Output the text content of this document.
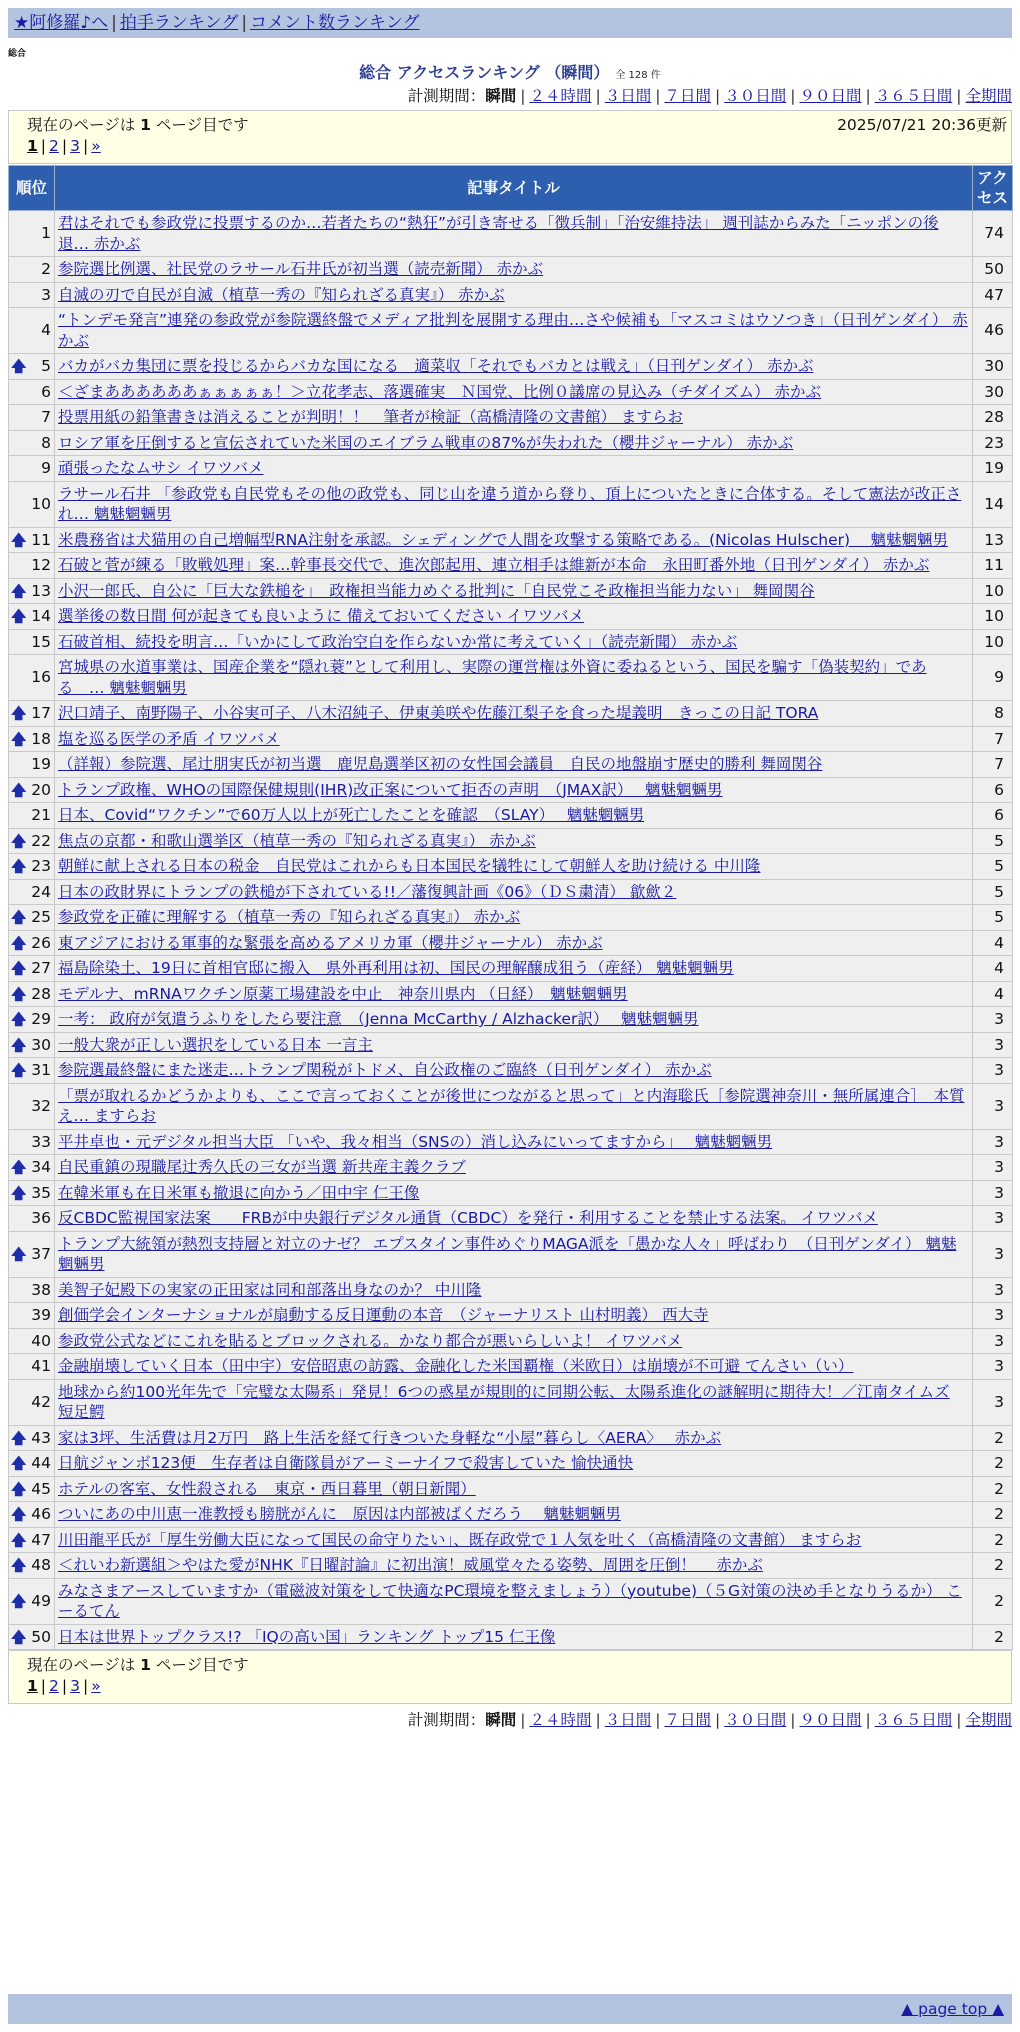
★阿修羅♪へ | 拍手ランキング | コメント数ランキング
総合
総合 アクセスランキング （瞬間） 全 128 件
計測期間：瞬間 | ２４時間 | ３日間 | ７日間 | ３０日間 | ９０日間 | ３６５日間 | 全期間
現在のページは 1 ページ目です	2025/07/21 20:36更新
1 | 2 | 3 | »
順位	記事タイトル	アクセス
1	君はそれでも参政党に投票するのか…若者たちの“熱狂”が引き寄せる「徴兵制」「治安維持法」 週刊誌からみた「ニッポンの後退… 赤かぶ	74
2	参院選比例選、社民党のラサール石井氏が初当選（読売新聞） 赤かぶ	50
3	自滅の刃で自民が自滅（植草一秀の『知られざる真実』） 赤かぶ	47
4	“トンデモ発言”連発の参政党が参院選終盤でメディア批判を展開する理由…さや候補も「マスコミはウソつき」（日刊ゲンダイ） 赤かぶ	46

🡅 5	バカがバカ集団に票を投じるからバカな国になる　適菜収「それでもバカとは戦え」（日刊ゲンダイ） 赤かぶ	30
6	＜ざまああああああぁぁぁぁぁ！＞立花孝志、落選確実　Ｎ国党、比例０議席の見込み（チダイズム） 赤かぶ	30
7	投票用紙の鉛筆書きは消えることが判明！！　筆者が検証（高橋清隆の文書館） ますらお	28
8	ロシア軍を圧倒すると宣伝されていた米国のエイブラム戦車の87%が失われた（櫻井ジャーナル） 赤かぶ	23
9	頑張ったなムサシ イワツバメ	19
10	ラサール石井 「参政党も自民党もその他の政党も、同じ山を違う道から登り、頂上についたときに合体する。そして憲法が改正され… 魑魅魍魎男	14

🡅 11	米農務省は犬猫用の自己増幅型RNA注射を承認。シェディングで人間を攻撃する策略である。(Nicolas Hulscher)　 魑魅魍魎男	13
12	石破と菅が練る「敗戦処理」案…幹事長交代で、進次郎起用、連立相手は維新が本命　永田町番外地（日刊ゲンダイ） 赤かぶ	11

🡅 13	小沢一郎氏、自公に「巨大な鉄槌を」　政権担当能力めぐる批判に「自民党こそ政権担当能力ない」 舞岡関谷	10

🡅 14	選挙後の数日間 何が起きても良いように 備えておいてください イワツバメ	10
15	石破首相、続投を明言…「いかにして政治空白を作らないか常に考えていく」（読売新聞） 赤かぶ	10
16	宮城県の水道事業は、国産企業を“隠れ蓑”として利用し、実際の運営権は外資に委ねるという、国民を騙す「偽装契約」である　… 魑魅魍魎男	9

🡅 17	沢口靖子、南野陽子、小谷実可子、八木沼純子、伊東美咲や佐藤江梨子を食った堤義明　きっこの日記 TORA	8

🡅 18	塩を巡る医学の矛盾 イワツバメ	7
19	（詳報）参院選、尾辻朋実氏が初当選　鹿児島選挙区初の女性国会議員　自民の地盤崩す歴史的勝利 舞岡関谷	7

🡅 20	トランプ政権、WHOの国際保健規則(IHR)改正案について拒否の声明　（JMAX訳）　 魑魅魍魎男	6
21	日本、Covid“ワクチン”で60万人以上が死亡したことを確認　（SLAY）　 魑魅魍魎男	6

🡅 22	焦点の京都・和歌山選挙区（植草一秀の『知られざる真実』） 赤かぶ	5

🡅 23	朝鮮に献上される日本の税金　自民党はこれからも日本国民を犠牲にして朝鮮人を助け続ける 中川隆	5
24	日本の政財界にトランプの鉄槌が下されている!!／藩復興計画《06》（ＤＳ粛清） 歙歛２	5

🡅 25	参政党を正確に理解する（植草一秀の『知られざる真実』） 赤かぶ	5

🡅 26	東アジアにおける軍事的な緊張を高めるアメリカ軍（櫻井ジャーナル） 赤かぶ	4

🡅 27	福島除染土、19日に首相官邸に搬入　県外再利用は初、国民の理解醸成狙う（産経） 魑魅魍魎男	4

🡅 28	モデルナ、mRNAワクチン原薬工場建設を中止　神奈川県内 （日経）　魑魅魍魎男	4

🡅 29	一考： 政府が気遣うふりをしたら要注意　（Jenna McCarthy / Alzhacker訳）　 魑魅魍魎男	3

🡅 30	一般大衆が正しい選択をしている日本 一言主	3

🡅 31	参院選最終盤にまた迷走…トランプ関税がトドメ、自公政権のご臨終（日刊ゲンダイ） 赤かぶ	3
32	「票が取れるかどうかよりも、ここで言っておくことが後世につながると思って」と内海聡氏［参院選神奈川・無所属連合］　本質え… ますらお	3
33	平井卓也・元デジタル担当大臣 「いや、我々相当（SNSの）消し込みにいってますから」　 魑魅魍魎男	3

🡅 34	自民重鎮の現職尾辻秀久氏の三女が当選 新共産主義クラブ	3

🡅 35	在韓米軍も在日米軍も撤退に向かう／田中宇 仁王像	3
36	反CBDC監視国家法案　　FRBが中央銀行デジタル通貨（CBDC）を発行・利用することを禁止する法案。 イワツバメ	3

🡅 37	トランプ大統領が熱烈支持層と対立のナゼ？ エプスタイン事件めぐりMAGA派を「愚かな人々」呼ばわり　（日刊ゲンダイ） 魑魅魍魎男	3
38	美智子妃殿下の実家の正田家は同和部落出身なのか？ 中川隆	3
39	創価学会インターナショナルが扇動する反日運動の本音　（ジャーナリスト 山村明義） 西大寺	3
40	参政党公式などにこれを貼るとブロックされる。かなり都合が悪いらしいよ！ イワツバメ	3
41	金融崩壊していく日本（田中宇）安倍昭恵の訪露、金融化した米国覇権（米欧日）は崩壊が不可避 てんさい（い）	3
42	地球から約100光年先で「完璧な太陽系」発見！6つの惑星が規則的に同期公転、太陽系進化の謎解明に期待大！／江南タイムズ 短足鰐	3

🡅 43	家は3坪、生活費は月2万円　路上生活を経て行きついた身軽な“小屋”暮らし〈AERA〉　 赤かぶ	2

🡅 44	日航ジャンボ123便　生存者は自衛隊員がアーミーナイフで殺害していた 愉快通快	2

🡅 45	ホテルの客室、女性殺される　東京・西日暮里（朝日新聞）	2

🡅 46	ついにあの中川恵一准教授も膀胱がんに　原因は内部被ばくだろう　 魑魅魍魎男	2

🡅 47	川田龍平氏が「厚生労働大臣になって国民の命守りたい」、既存政党で１人気を吐く（高橋清隆の文書館） ますらお	2

🡅 48	＜れいわ新選組＞やはた愛がNHK『日曜討論』に初出演！威風堂々たる姿勢、周囲を圧倒！　 赤かぶ	2

🡅 49	みなさまアースしていますか（電磁波対策をして快適なPC環境を整えましょう）（youtube)（５G対策の決め手となりうるか） こーるてん	2

🡅 50	日本は世界トップクラス!? 「IQの高い国」ランキング トップ15 仁王像	2
現在のページは 1 ページ目です
1 | 2 | 3 | »
計測期間：瞬間 | ２４時間 | ３日間 | ７日間 | ３０日間 | ９０日間 | ３６５日間 | 全期間
▲ page top ▲
